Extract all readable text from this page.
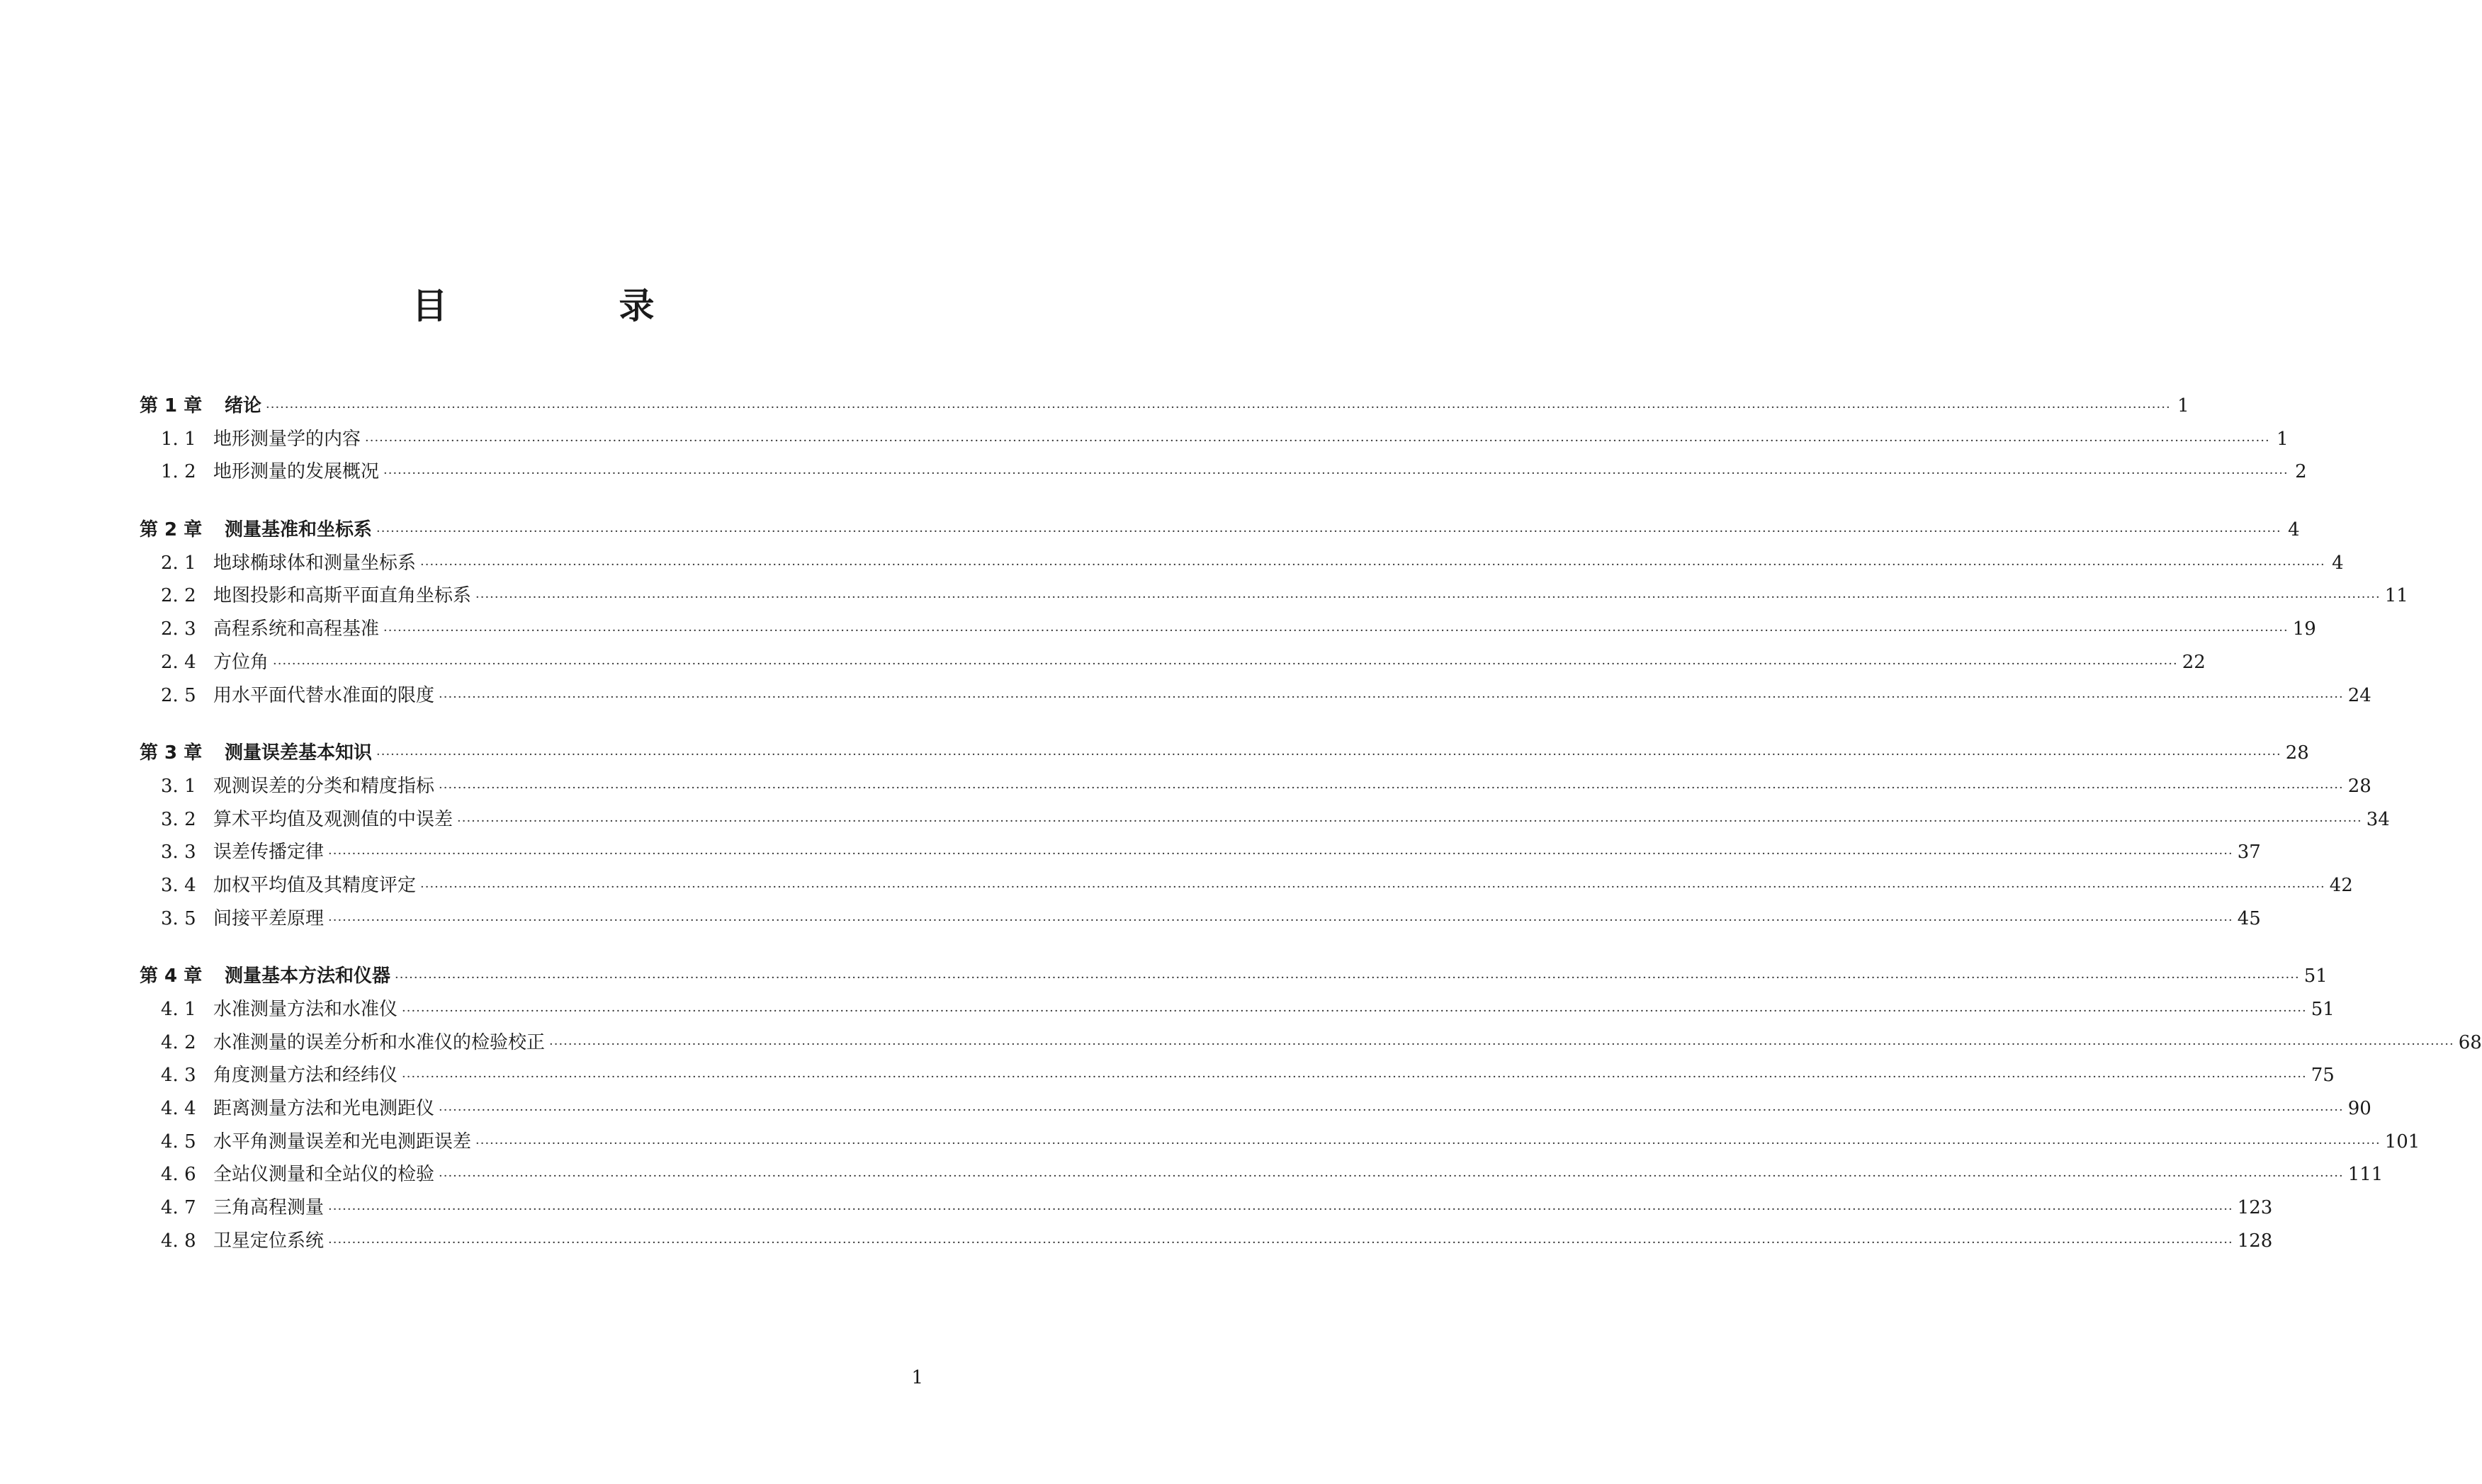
目　录
第 1 章	绪论 ················································································································································································································································································································································································································ 1
1. 1 地形测量学的内容 ················································································································································································································································································································································································································ 1
1. 2 地形测量的发展概况 ················································································································································································································································································································································································································ 2
第 2 章	测量基准和坐标系 ················································································································································································································································································································································································································ 4
2. 1 地球椭球体和测量坐标系 ················································································································································································································································································································································································································ 4
2. 2 地图投影和高斯平面直角坐标系 ················································································································································································································································································································································································································ 11
2. 3 高程系统和高程基准 ················································································································································································································································································································································································································ 19
2. 4 方位角 ················································································································································································································································································································································································································ 22
2. 5 用水平面代替水准面的限度 ················································································································································································································································································································································································································ 24
第 3 章	测量误差基本知识 ················································································································································································································································································································································································································ 28
3. 1 观测误差的分类和精度指标 ················································································································································································································································································································································································································ 28
3. 2 算术平均值及观测值的中误差 ················································································································································································································································································································································································································ 34
3. 3 误差传播定律 ················································································································································································································································································································································································································ 37
3. 4 加权平均值及其精度评定 ················································································································································································································································································································································································································ 42
3. 5 间接平差原理 ················································································································································································································································································································································································································ 45
第 4 章	测量基本方法和仪器 ················································································································································································································································································································································································································ 51
4. 1 水准测量方法和水准仪 ················································································································································································································································································································································································································ 51
4. 2 水准测量的误差分析和水准仪的检验校正 ················································································································································································································································································································································································································ 68
4. 3 角度测量方法和经纬仪 ················································································································································································································································································································································································································ 75
4. 4 距离测量方法和光电测距仪 ················································································································································································································································································································································································································ 90
4. 5 水平角测量误差和光电测距误差 ················································································································································································································································································································································································································ 101
4. 6 全站仪测量和全站仪的检验 ················································································································································································································································································································································································································ 111
4. 7 三角高程测量 ················································································································································································································································································································································································································ 123
4. 8 卫星定位系统 ················································································································································································································································································································································································································ 128
1
